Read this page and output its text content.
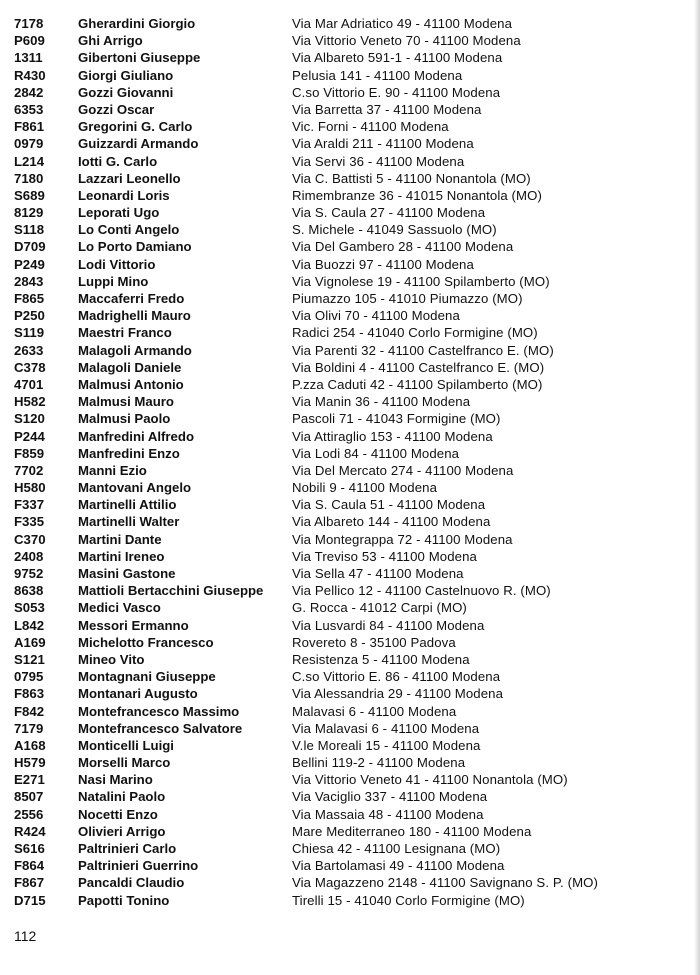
7178	Gherardini Giorgio	Via Mar Adriatico 49 - 41100 Modena
P609	Ghi Arrigo	Via Vittorio Veneto 70 - 41100 Modena
1311	Gibertoni Giuseppe	Via Albareto 591-1 - 41100 Modena
R430	Giorgi Giuliano	Pelusia 141 - 41100 Modena
2842	Gozzi Giovanni	C.so Vittorio E. 90 - 41100 Modena
6353	Gozzi Oscar	Via Barretta 37 - 41100 Modena
F861	Gregorini G. Carlo	Vic. Forni - 41100 Modena
0979	Guizzardi Armando	Via Araldi 211 - 41100 Modena
L214	Iotti G. Carlo	Via Servi 36 - 41100 Modena
7180	Lazzari Leonello	Via C. Battisti 5 - 41100 Nonantola (MO)
S689	Leonardi Loris	Rimembranze 36 - 41015 Nonantola (MO)
8129	Leporati Ugo	Via S. Caula 27 - 41100 Modena
S118	Lo Conti Angelo	S. Michele - 41049 Sassuolo (MO)
D709	Lo Porto Damiano	Via Del Gambero 28 - 41100 Modena
P249	Lodi Vittorio	Via Buozzi 97 - 41100 Modena
2843	Luppi Mino	Via Vignolese 19 - 41100 Spilamberto (MO)
F865	Maccaferri Fredo	Piumazzo 105 - 41010 Piumazzo (MO)
P250	Madrighelli Mauro	Via Olivi 70 - 41100 Modena
S119	Maestri Franco	Radici 254 - 41040 Corlo Formigine (MO)
2633	Malagoli Armando	Via Parenti 32 - 41100 Castelfranco E. (MO)
C378	Malagoli Daniele	Via Boldini 4 - 41100 Castelfranco E. (MO)
4701	Malmusi Antonio	P.zza Caduti 42 - 41100 Spilamberto (MO)
H582	Malmusi Mauro	Via Manin 36 - 41100 Modena
S120	Malmusi Paolo	Pascoli 71 - 41043 Formigine (MO)
P244	Manfredini Alfredo	Via Attiraglio 153 - 41100 Modena
F859	Manfredini Enzo	Via Lodi 84 - 41100 Modena
7702	Manni Ezio	Via Del Mercato 274 - 41100 Modena
H580	Mantovani Angelo	Nobili 9 - 41100 Modena
F337	Martinelli Attilio	Via S. Caula 51 - 41100 Modena
F335	Martinelli Walter	Via Albareto 144 - 41100 Modena
C370	Martini Dante	Via Montegrappa 72 - 41100 Modena
2408	Martini Ireneo	Via Treviso 53 - 41100 Modena
9752	Masini Gastone	Via Sella 47 - 41100 Modena
8638	Mattioli Bertacchini Giuseppe Via Pellico 12 - 41100 Castelnuovo R. (MO)
S053	Medici Vasco	G. Rocca - 41012 Carpi (MO)
L842	Messori Ermanno	Via Lusvardi 84 - 41100 Modena
A169	Michelotto Francesco	Rovereto 8 - 35100 Padova
S121	Mineo Vito	Resistenza 5 - 41100 Modena
0795	Montagnani Giuseppe	C.so Vittorio E. 86 - 41100 Modena
F863	Montanari Augusto	Via Alessandria 29 - 41100 Modena
F842	Montefrancesco Massimo	Malavasi 6 - 41100 Modena
7179	Montefrancesco Salvatore	Via Malavasi 6 - 41100 Modena
A168	Monticelli Luigi	V.le Moreali 15 - 41100 Modena
H579	Morselli Marco	Bellini 119-2 - 41100 Modena
E271	Nasi Marino	Via Vittorio Veneto 41 - 41100 Nonantola (MO)
8507	Natalini Paolo	Via Vaciglio 337 - 41100 Modena
2556	Nocetti Enzo	Via Massaia 48 - 41100 Modena
R424	Olivieri Arrigo	Mare Mediterraneo 180 - 41100 Modena
S616	Paltrinieri Carlo	Chiesa 42 - 41100 Lesignana (MO)
F864	Paltrinieri Guerrino	Via Bartolamasi 49 - 41100 Modena
F867	Pancaldi Claudio	Via Magazzeno 2148 - 41100 Savignano S. P. (MO)
D715	Papotti Tonino	Tirelli 15 - 41040 Corlo Formigine (MO)
112
